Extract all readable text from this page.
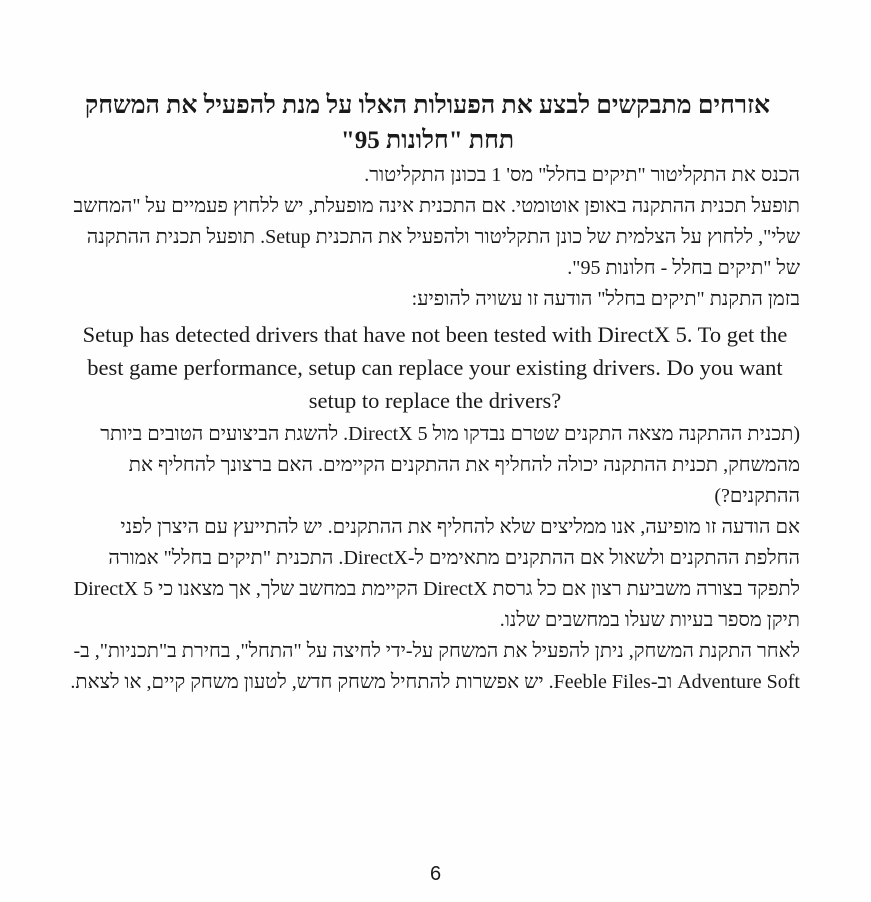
אזרחים מתבקשים לבצע את הפעולות האלו על מנת להפעיל את המשחק תחת "חלונות 95"

הכנס את התקליטור "תיקים בחלל" מס' 1 בכונן התקליטור.

תופעל תכנית ההתקנה באופן אוטומטי. אם התכנית אינה מופעלת, יש ללחוץ פעמיים על "המחשב שלי", ללחוץ על הצלמית של כונן התקליטור ולהפעיל את התכנית Setup. תופעל תכנית ההתקנה של "תיקים בחלל - חלונות 95".

בזמן התקנת "תיקים בחלל" הודעה זו עשויה להופיע:

Setup has detected drivers that have not been tested with DirectX 5. To get the best game performance, setup can replace your existing drivers. Do you want setup to replace the drivers?

(תכנית ההתקנה מצאה התקנים שטרם נבדקו מול DirectX 5. להשגת הביצועים הטובים ביותר מהמשחק, תכנית ההתקנה יכולה להחליף את ההתקנים הקיימים. האם ברצונך להחליף את ההתקנים?)

אם הודעה זו מופיעה, אנו ממליצים שלא להחליף את ההתקנים. יש להתייעץ עם היצרן לפני החלפת ההתקנים ולשאול אם ההתקנים מתאימים ל-DirectX. התכנית "תיקים בחלל" אמורה לתפקד בצורה משביעת רצון אם כל גרסת DirectX הקיימת במחשב שלך, אך מצאנו כי DirectX 5 תיקן מספר בעיות שעלו במחשבים שלנו.

לאחר התקנת המשחק, ניתן להפעיל את המשחק על-ידי לחיצה על "התחל", בחירת ב"תכניות", ב-Adventure Soft וב-Feeble Files. יש אפשרות להתחיל משחק חדש, לטעון משחק קיים, או לצאת.

6
